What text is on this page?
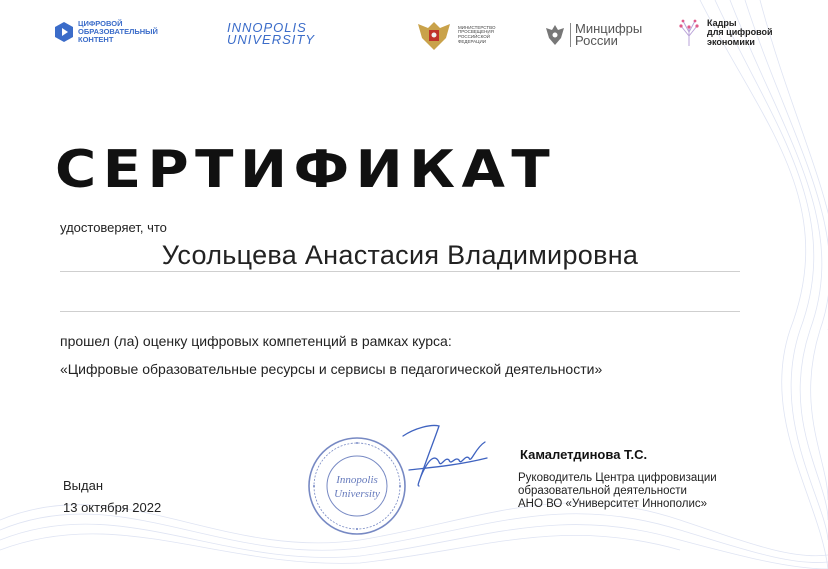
ЦИФРОВОЙ
ОБРАЗОВАТЕЛЬНЫЙ
КОНТЕНТ
INNOPOLIS
UNIVERSITY
МИНИСТЕРСТВО
ПРОСВЕЩЕНИЯ
РОССИЙСКОЙ
ФЕДЕРАЦИИ
Минцифры
России
Кадры
для цифровой
экономики
СЕРТИФИКАТ
удостоверяет, что
Усольцева Анастасия Владимировна
прошел (ла) оценку цифровых компетенций в рамках курса:
«Цифровые образовательные ресурсы и сервисы в педагогической деятельности»
Выдан
13 октября 2022
Innopolis
University
Камалетдинова Т.С.
Руководитель Центра цифровизации
образовательной деятельности
АНО ВО «Университет Иннополис»
